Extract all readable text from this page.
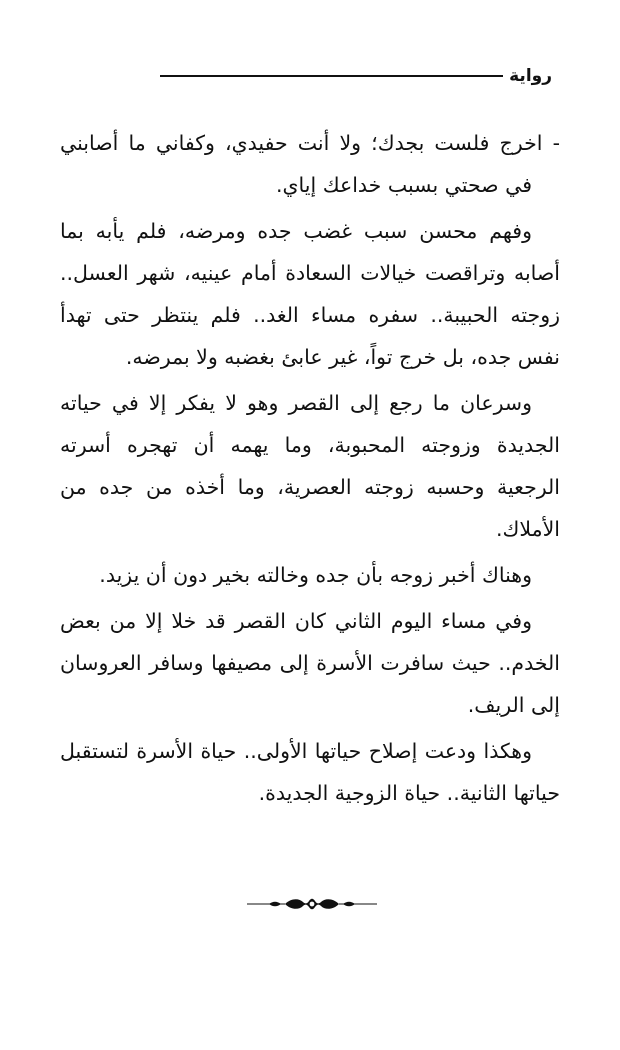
رواية

- اخرج فلست بجدك؛ ولا أنت حفيدي، وكفاني ما أصابني في صحتي بسبب خداعك إياي.

وفهم محسن سبب غضب جده ومرضه، فلم يأبه بما أصابه وتراقصت خيالات السعادة أمام عينيه، شهر العسل.. زوجته الحبيبة.. سفره مساء الغد.. فلم ينتظر حتى تهدأ نفس جده، بل خرج تواً، غير عابئ بغضبه ولا بمرضه.

وسرعان ما رجع إلى القصر وهو لا يفكر إلا في حياته الجديدة وزوجته المحبوبة، وما يهمه أن تهجره أسرته الرجعية وحسبه زوجته العصرية، وما أخذه من جده من الأملاك.

وهناك أخبر زوجه بأن جده وخالته بخير دون أن يزيد.

وفي مساء اليوم الثاني كان القصر قد خلا إلا من بعض الخدم.. حيث سافرت الأسرة إلى مصيفها وسافر العروسان إلى الريف.

وهكذا ودعت إصلاح حياتها الأولى.. حياة الأسرة لتستقبل حياتها الثانية.. حياة الزوجية الجديدة.
